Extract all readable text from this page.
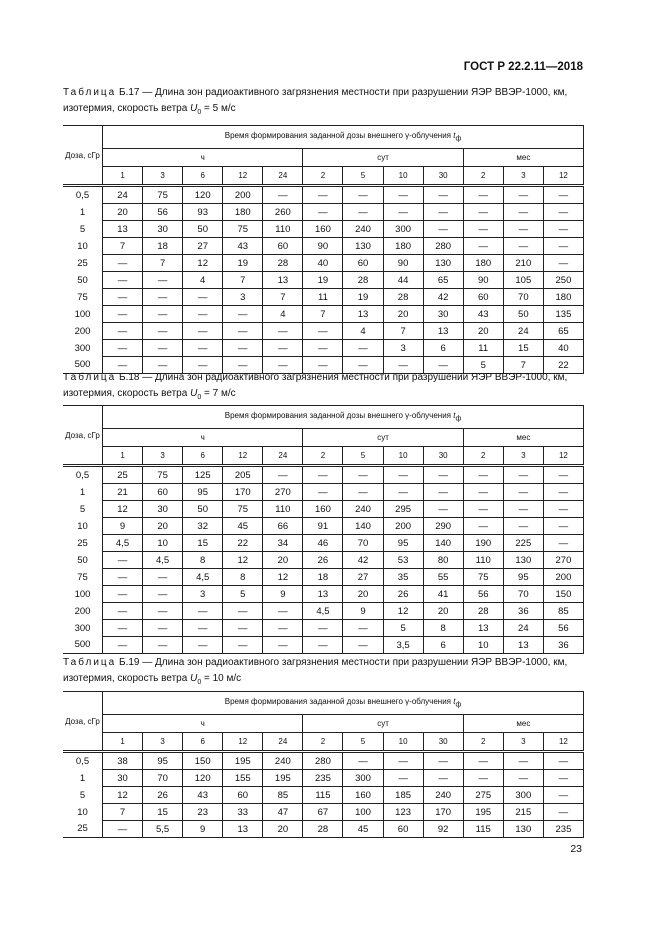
ГОСТ Р 22.2.11—2018
Таблица Б.17 — Длина зон радиоактивного загрязнения местности при разрушении ЯЭР ВВЭР-1000, км, изотермия, скорость ветра $U_0 = 5$ м/с
Доза, сГр	Время формирования заданной дозы внешнего γ-облучения $t_ф$
	ч					сут				мес		
	1	3	6	12	24	2	5	10	30	2	3	12
0,5	24	75	120	200	—	—	—	—	—	—	—	—
1	20	56	93	180	260	—	—	—	—	—	—	—
5	13	30	50	75	110	160	240	300	—	—	—	—
10	7	18	27	43	60	90	130	180	280	—	—	—
25	—	7	12	19	28	40	60	90	130	180	210	—
50	—	—	4	7	13	19	28	44	65	90	105	250
75	—	—	—	3	7	11	19	28	42	60	70	180
100	—	—	—	—	4	7	13	20	30	43	50	135
200	—	—	—	—	—	—	4	7	13	20	24	65
300	—	—	—	—	—	—	—	3	6	11	15	40
500	—	—	—	—	—	—	—	—	—	5	7	22
Таблица Б.18 — Длина зон радиоактивного загрязнения местности при разрушении ЯЭР ВВЭР-1000, км, изотермия, скорость ветра $U_0 = 7$ м/с
Доза, сГр	Время формирования заданной дозы внешнего γ-облучения $t_ф$
	ч					сут				мес		
	1	3	6	12	24	2	5	10	30	2	3	12
0,5	25	75	125	205	—	—	—	—	—	—	—	—
1	21	60	95	170	270	—	—	—	—	—	—	—
5	12	30	50	75	110	160	240	295	—	—	—	—
10	9	20	32	45	66	91	140	200	290	—	—	—
25	4,5	10	15	22	34	46	70	95	140	190	225	—
50	—	4,5	8	12	20	26	42	53	80	110	130	270
75	—	—	4,5	8	12	18	27	35	55	75	95	200
100	—	—	3	5	9	13	20	26	41	56	70	150
200	—	—	—	—	—	4,5	9	12	20	28	36	85
300	—	—	—	—	—	—	—	5	8	13	24	56
500	—	—	—	—	—	—	—	3,5	6	10	13	36
Таблица Б.19 — Длина зон радиоактивного загрязнения местности при разрушении ЯЭР ВВЭР-1000, км, изотермия, скорость ветра $U_0 = 10$ м/с
Доза, сГр	Время формирования заданной дозы внешнего γ-облучения $t_ф$
	ч					сут				мес		
	1	3	6	12	24	2	5	10	30	2	3	12
0,5	38	95	150	195	240	280	—	—	—	—	—	—
1	30	70	120	155	195	235	300	—	—	—	—	—
5	12	26	43	60	85	115	160	185	240	275	300	—
10	7	15	23	33	47	67	100	123	170	195	215	—
25	—	5,5	9	13	20	28	45	60	92	115	130	235
23
